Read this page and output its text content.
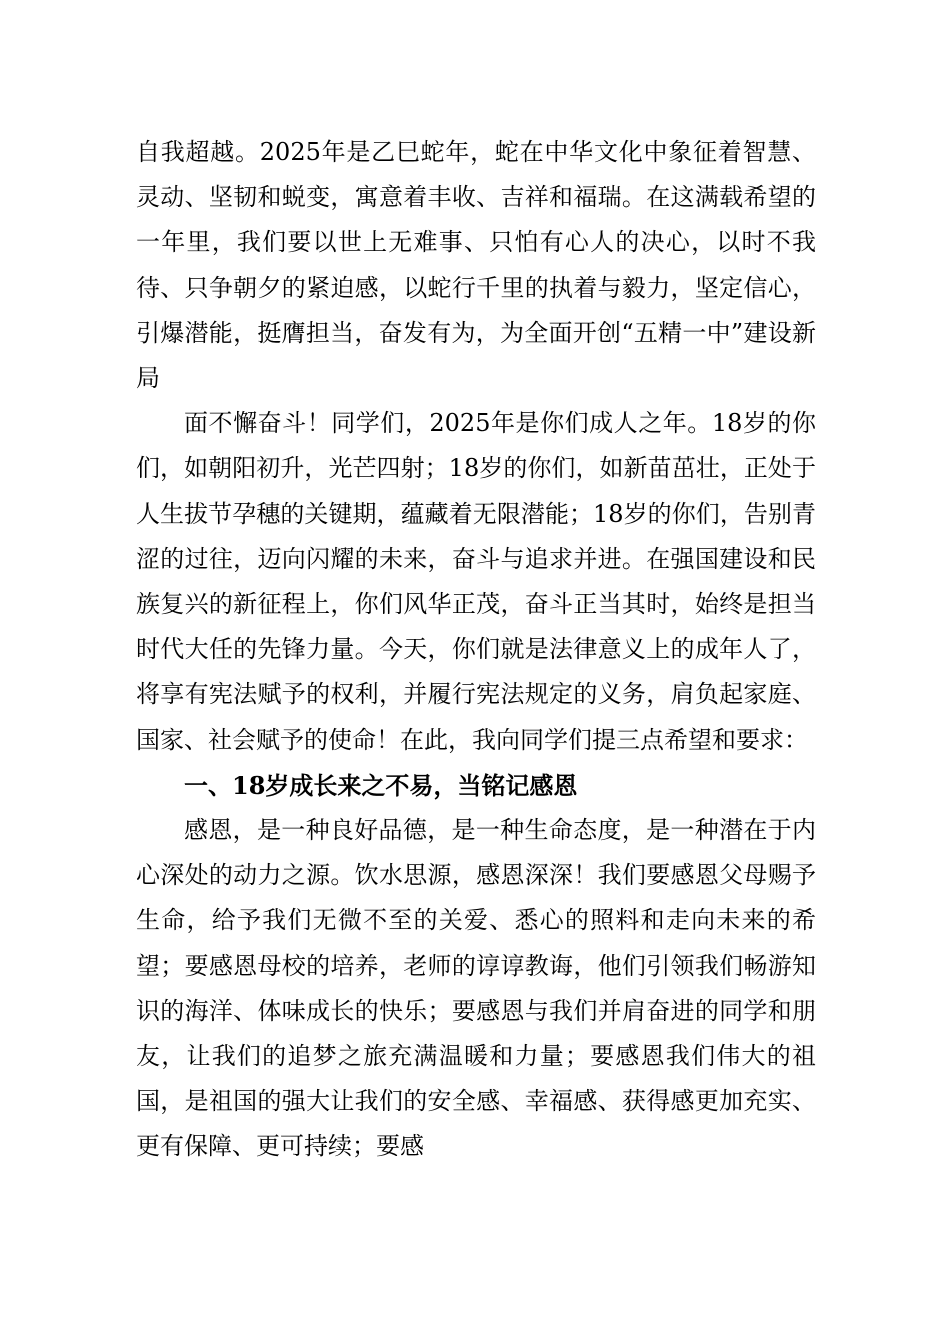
自我超越。2025年是乙巳蛇年，蛇在中华文化中象征着智慧、灵动、坚韧和蜕变，寓意着丰收、吉祥和福瑞。在这满载希望的一年里，我们要以世上无难事、只怕有心人的决心，以时不我待、只争朝夕的紧迫感，以蛇行千里的执着与毅力，坚定信心，引爆潜能，挺膺担当，奋发有为，为全面开创“五精一中”建设新局

面不懈奋斗！同学们，2025年是你们成人之年。18岁的你们，如朝阳初升，光芒四射；18岁的你们，如新苗茁壮，正处于人生拔节孕穗的关键期，蕴藏着无限潜能；18岁的你们，告别青涩的过往，迈向闪耀的未来，奋斗与追求并进。在强国建设和民族复兴的新征程上，你们风华正茂，奋斗正当其时，始终是担当时代大任的先锋力量。今天，你们就是法律意义上的成年人了，将享有宪法赋予的权利，并履行宪法规定的义务，肩负起家庭、国家、社会赋予的使命！在此，我向同学们提三点希望和要求：

一、18岁成长来之不易，当铭记感恩

感恩，是一种良好品德，是一种生命态度，是一种潜在于内心深处的动力之源。饮水思源，感恩深深！我们要感恩父母赐予生命，给予我们无微不至的关爱、悉心的照料和走向未来的希望；要感恩母校的培养，老师的谆谆教诲，他们引领我们畅游知识的海洋、体味成长的快乐；要感恩与我们并肩奋进的同学和朋友，让我们的追梦之旅充满温暖和力量；要感恩我们伟大的祖国，是祖国的强大让我们的安全感、幸福感、获得感更加充实、更有保障、更可持续；要感
